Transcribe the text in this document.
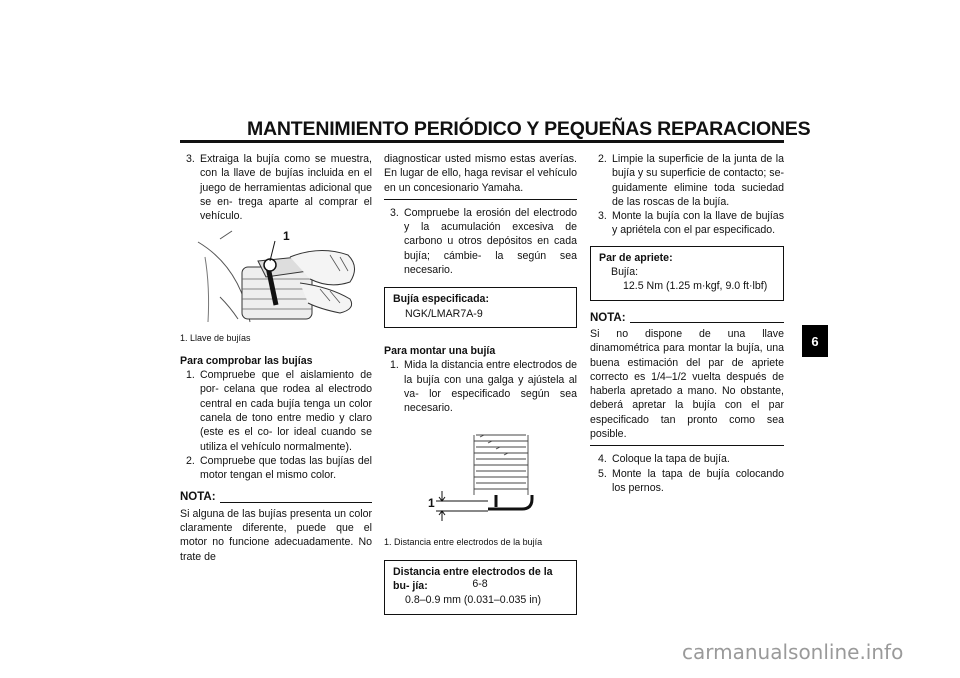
MANTENIMIENTO PERIÓDICO Y PEQUEÑAS REPARACIONES
3. Extraiga la bujía como se muestra, con la llave de bujías incluida en el juego de herramientas adicional que se en- trega aparte al comprar el vehículo.
1
1. Llave de bujías

Para comprobar las bujías

1. Compruebe que el aislamiento de por- celana que rodea al electrodo central en cada bujía tenga un color canela de tono entre medio y claro (este es el co- lor ideal cuando se utiliza el vehículo normalmente).
2. Compruebe que todas las bujías del motor tengan el mismo color.
NOTA:

Si alguna de las bujías presenta un color claramente diferente, puede que el motor no funcione adecuadamente. No trate de

diagnosticar usted mismo estas averías. En lugar de ello, haga revisar el vehículo en un concesionario Yamaha.

3. Compruebe la erosión del electrodo y la acumulación excesiva de carbono u otros depósitos en cada bujía; cámbie- la según sea necesario.
Bujía especificada:
NGK/LMAR7A-9

Para montar una bujía

1. Mida la distancia entre electrodos de la bujía con una galga y ajústela al va- lor especificado según sea necesario.
1
1. Distancia entre electrodos de la bujía
Distancia entre electrodos de la bu- jía:
0.8–0.9 mm (0.031–0.035 in)
2. Limpie la superficie de la junta de la bujía y su superficie de contacto; se- guidamente elimine toda suciedad de las roscas de la bujía.
3. Monte la bujía con la llave de bujías y apriétela con el par especificado.
Par de apriete:
Bujía:
12.5 Nm (1.25 m·kgf, 9.0 ft·lbf)
NOTA:

Si no dispone de una llave dinamométrica para montar la bujía, una buena estimación del par de apriete correcto es 1/4–1/2 vuelta después de haberla apretado a mano. No obstante, deberá apretar la bujía con el par especificado tan pronto como sea posible.

4. Coloque la tapa de bujía.
5. Monte la tapa de bujía colocando los pernos.
6
6-8
carmanualsonline.info
